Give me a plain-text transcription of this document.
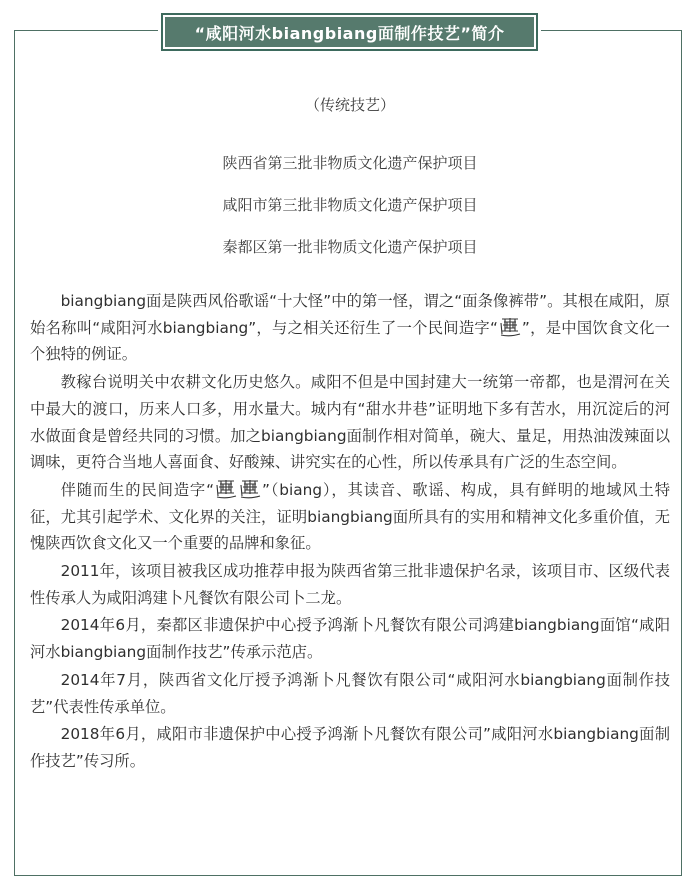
“咸阳河水biangbiang面制作技艺”简介
（传统技艺）
陕西省第三批非物质文化遗产保护项目
咸阳市第三批非物质文化遗产保护项目
秦都区第一批非物质文化遗产保护项目

biangbiang面是陕西风俗歌谣“十大怪”中的第一怪，谓之“面条像裤带”。其根在咸阳，原始名称叫“咸阳河水biangbiang”，与之相关还衍生了一个民间造字“ ”，是中国饮食文化一个独特的例证。

教稼台说明关中农耕文化历史悠久。咸阳不但是中国封建大一统第一帝都，也是渭河在关中最大的渡口，历来人口多，用水量大。城内有“甜水井巷”证明地下多有苦水，用沉淀后的河水做面食是曾经共同的习惯。加之biangbiang面制作相对简单，碗大、量足，用热油泼辣面以调味，更符合当地人喜面食、好酸辣、讲究实在的心性，所以传承具有广泛的生态空间。

伴随而生的民间造字“	”（biang），其读音、歌谣、构成，具有鲜明的地域风土特征，尤其引起学术、文化界的关注，证明biangbiang面所具有的实用和精神文化多重价值，无愧陕西饮食文化又一个重要的品牌和象征。

2011年，该项目被我区成功推荐申报为陕西省第三批非遗保护名录，该项目市、区级代表性传承人为咸阳鸿建卜凡餐饮有限公司卜二龙。

2014年6月，秦都区非遗保护中心授予鸿渐卜凡餐饮有限公司鸿建biangbiang面馆“咸阳河水biangbiang面制作技艺”传承示范店。

2014年7月，陕西省文化厅授予鸿渐卜凡餐饮有限公司“咸阳河水biangbiang面制作技艺”代表性传承单位。

2018年6月，咸阳市非遗保护中心授予鸿渐卜凡餐饮有限公司”咸阳河水biangbiang面制作技艺”传习所。
